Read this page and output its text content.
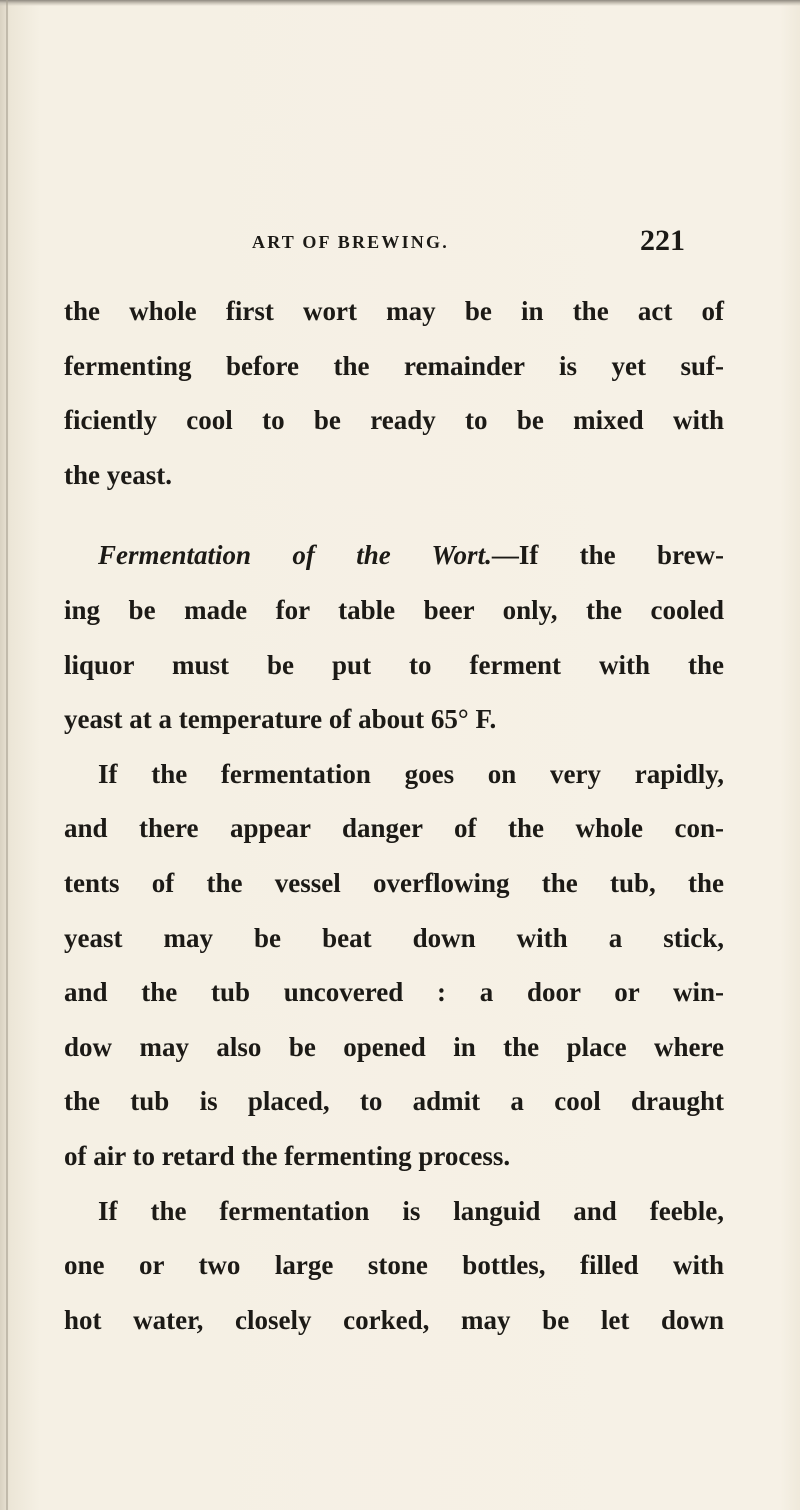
ART OF BREWING.	221
the whole first wort may be in the act of
fermenting before the remainder is yet suf-
ficiently cool to be ready to be mixed with
the yeast.
Fermentation of the Wort.—If the brew-
ing be made for table beer only, the cooled
liquor must be put to ferment with the
yeast at a temperature of about 65° F.
If the fermentation goes on very rapidly,
and there appear danger of the whole con-
tents of the vessel overflowing the tub, the
yeast may be beat down with a stick,
and the tub uncovered : a door or win-
dow may also be opened in the place where
the tub is placed, to admit a cool draught
of air to retard the fermenting process.
If the fermentation is languid and feeble,
one or two large stone bottles, filled with
hot water, closely corked, may be let down
